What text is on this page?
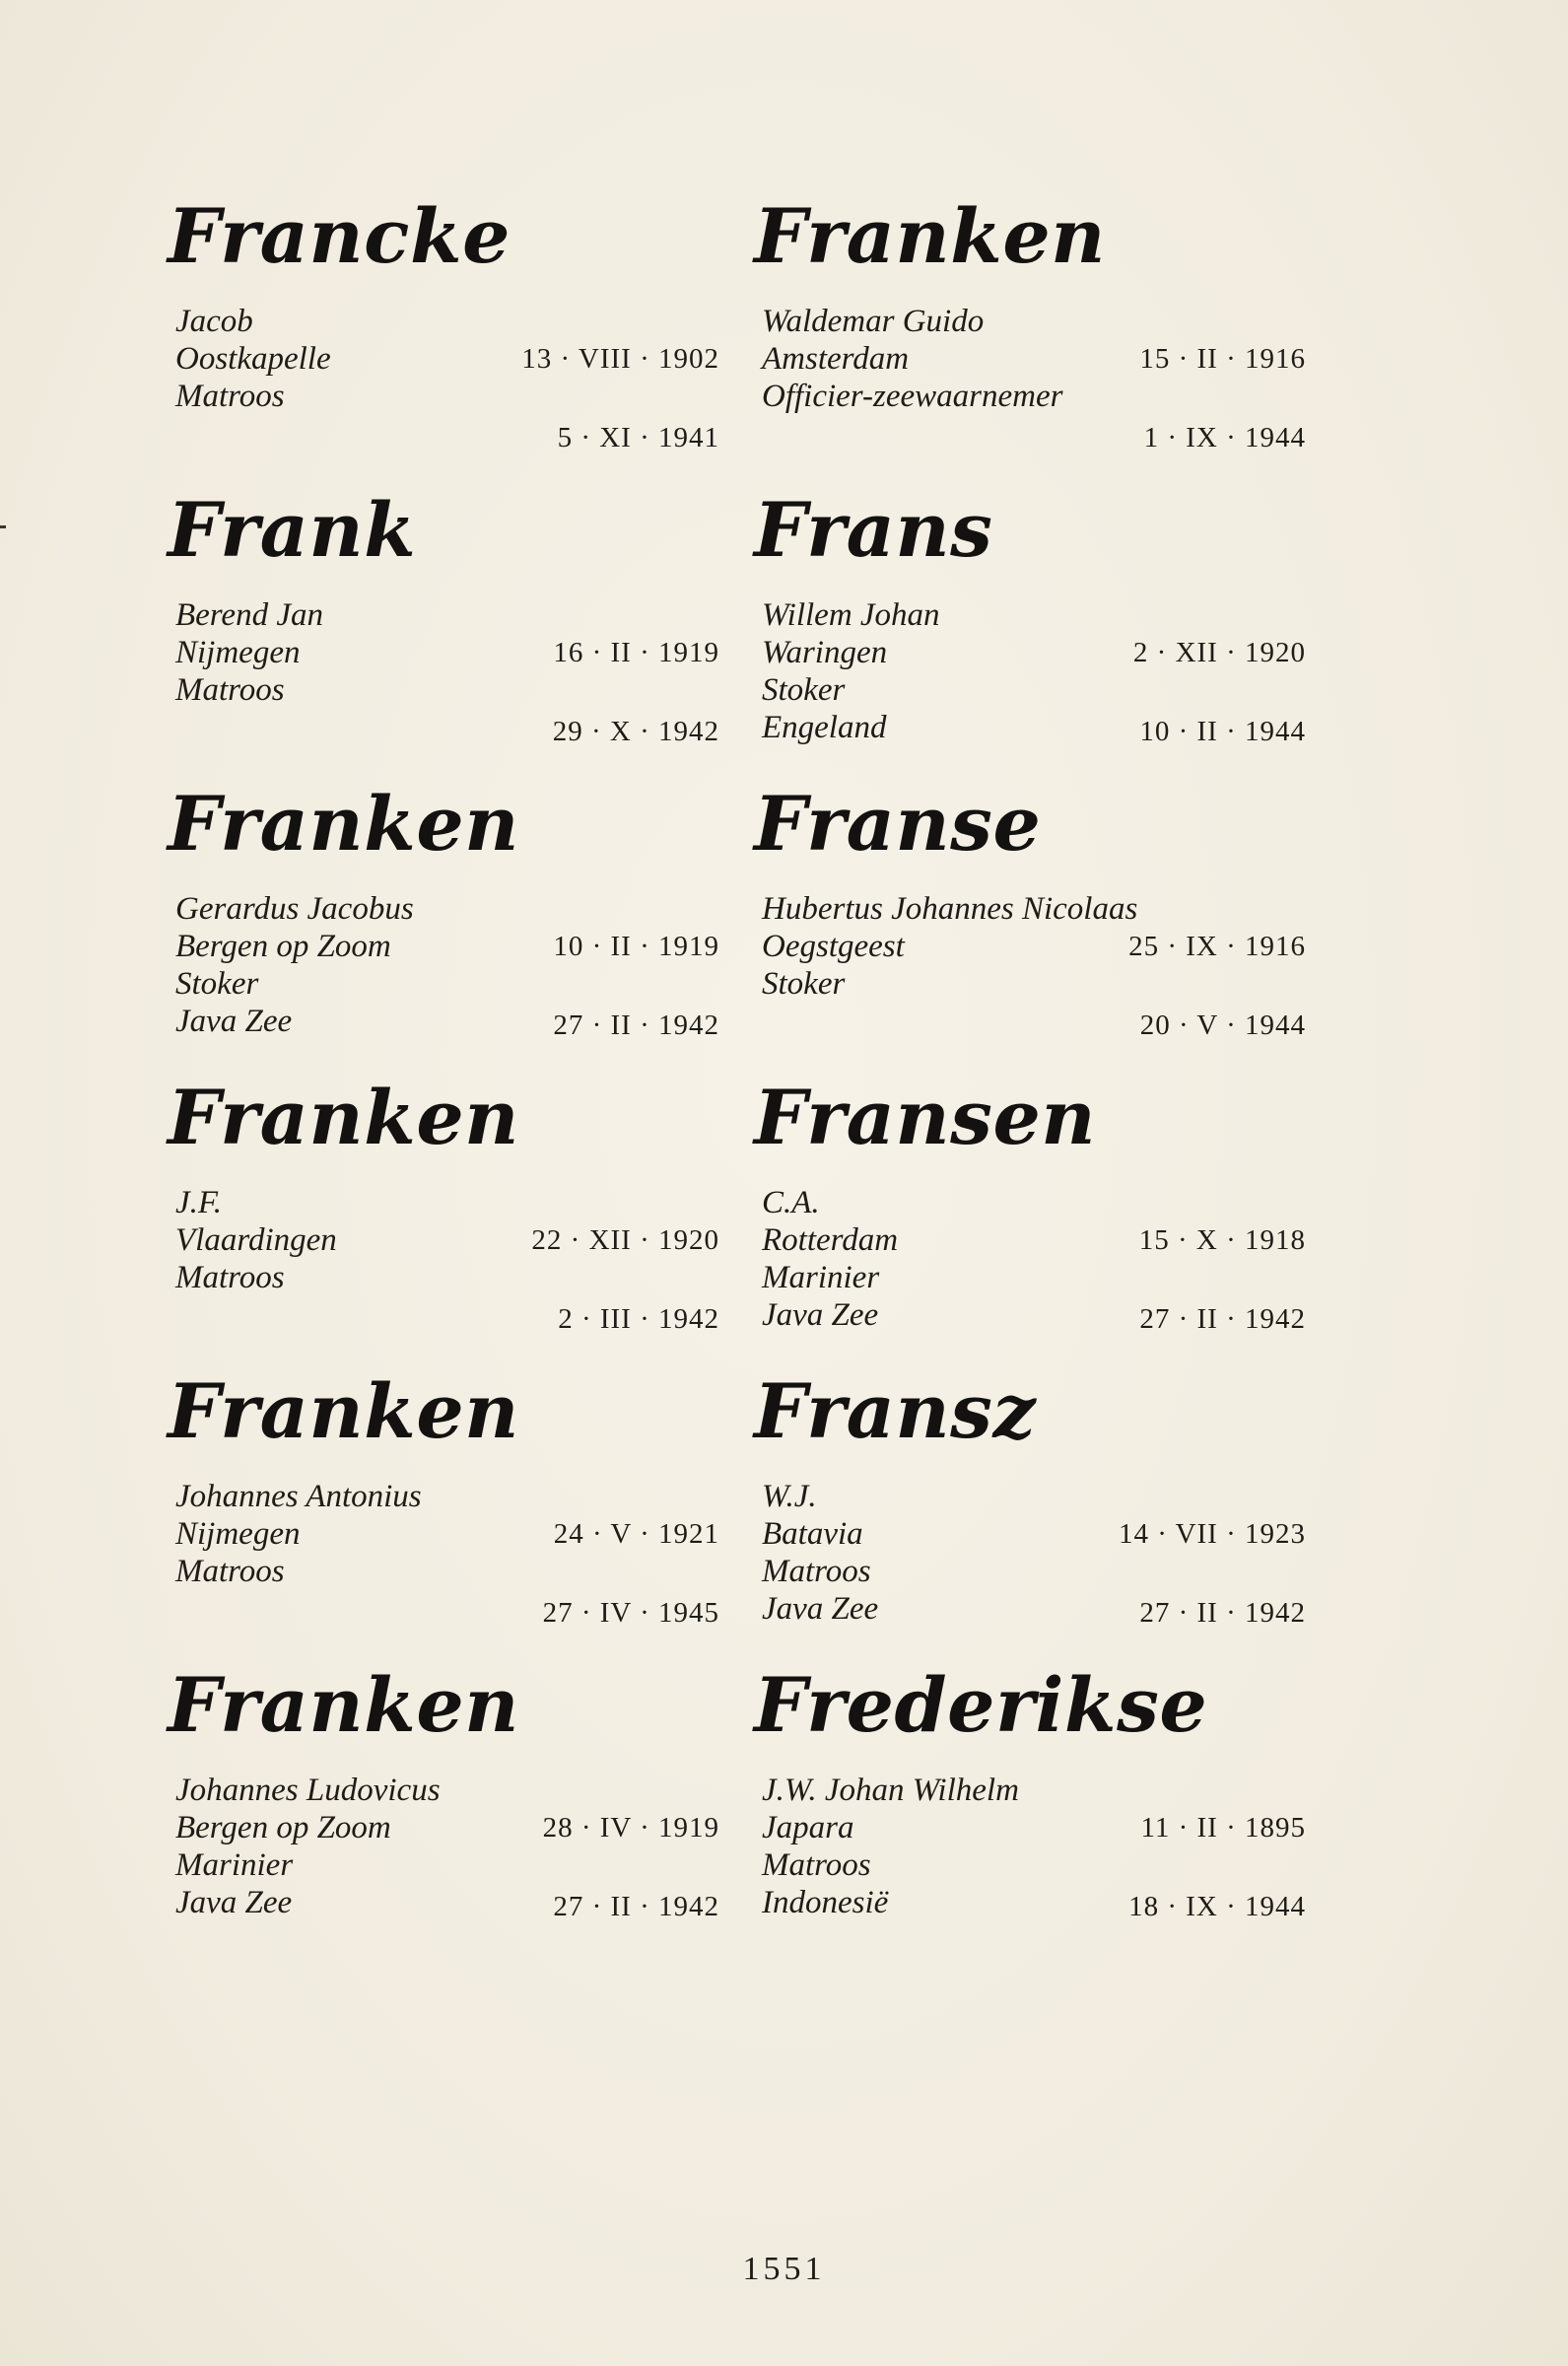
Francke
Jacob
Oostkapelle	13 · VIII · 1902
Matroos
5 · XI · 1941
Frank
Berend Jan
Nijmegen	16 · II · 1919
Matroos
29 · X · 1942
Franken
Gerardus Jacobus
Bergen op Zoom	10 · II · 1919
Stoker
Java Zee	27 · II · 1942
Franken
J.F.
Vlaardingen	22 · XII · 1920
Matroos
2 · III · 1942
Franken
Johannes Antonius
Nijmegen	24 · V · 1921
Matroos
27 · IV · 1945
Franken
Johannes Ludovicus
Bergen op Zoom	28 · IV · 1919
Marinier
Java Zee	27 · II · 1942
Franken
Waldemar Guido
Amsterdam	15 · II · 1916
Officier-zeewaarnemer
1 · IX · 1944
Frans
Willem Johan
Waringen	2 · XII · 1920
Stoker
Engeland	10 · II · 1944
Franse
Hubertus Johannes Nicolaas
Oegstgeest	25 · IX · 1916
Stoker
20 · V · 1944
Fransen
C.A.
Rotterdam	15 · X · 1918
Marinier
Java Zee	27 · II · 1942
Fransz
W.J.
Batavia	14 · VII · 1923
Matroos
Java Zee	27 · II · 1942
Frederikse
J.W. Johan Wilhelm
Japara	11 · II · 1895
Matroos
Indonesië	18 · IX · 1944
1551
